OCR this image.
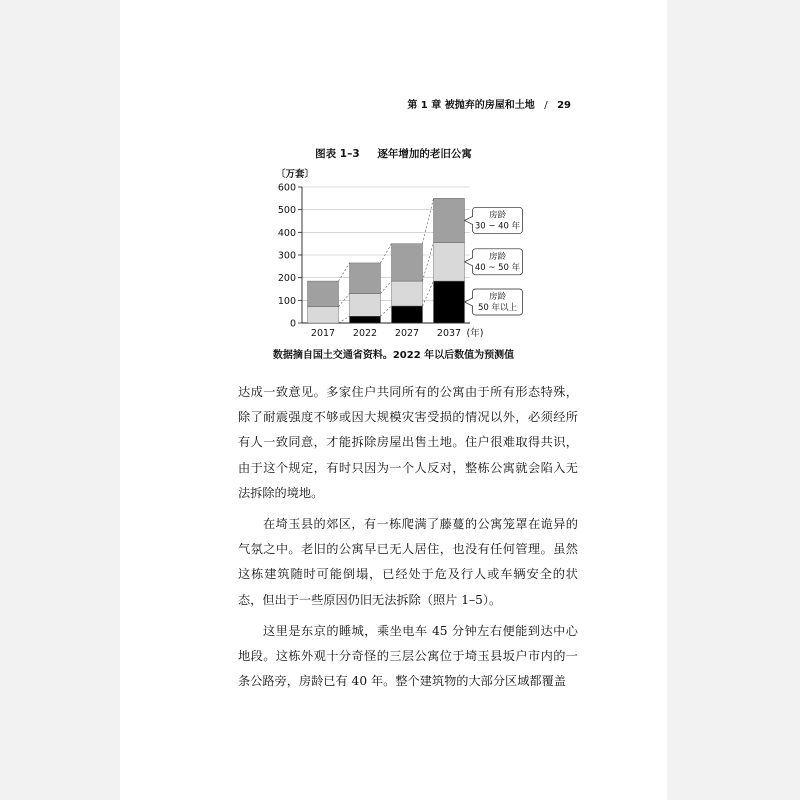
第 1 章 被抛弃的房屋和土地 / 29
图表 1–3 逐年增加的老旧公寓
〔万套〕
0
100
200
300
400
500
600
2017 2022 2027 2037 (年)
房龄
50 年以上
房龄
40 ~ 50 年
房龄
30 ~ 40 年
数据摘自国土交通省资料。2022 年以后数值为预测值

达成一致意见。多家住户共同所有的公寓由于所有形态特殊，除了耐震强度不够或因大规模灾害受损的情况以外，必须经所有人一致同意，才能拆除房屋出售土地。住户很难取得共识，由于这个规定，有时只因为一个人反对，整栋公寓就会陷入无法拆除的境地。

在埼玉县的郊区，有一栋爬满了藤蔓的公寓笼罩在诡异的气氛之中。老旧的公寓早已无人居住，也没有任何管理。虽然这栋建筑随时可能倒塌，已经处于危及行人或车辆安全的状态，但出于一些原因仍旧无法拆除（照片 1–5）。

这里是东京的睡城，乘坐电车 45 分钟左右便能到达中心地段。这栋外观十分奇怪的三层公寓位于埼玉县坂户市内的一条公路旁，房龄已有 40 年。整个建筑物的大部分区域都覆盖
